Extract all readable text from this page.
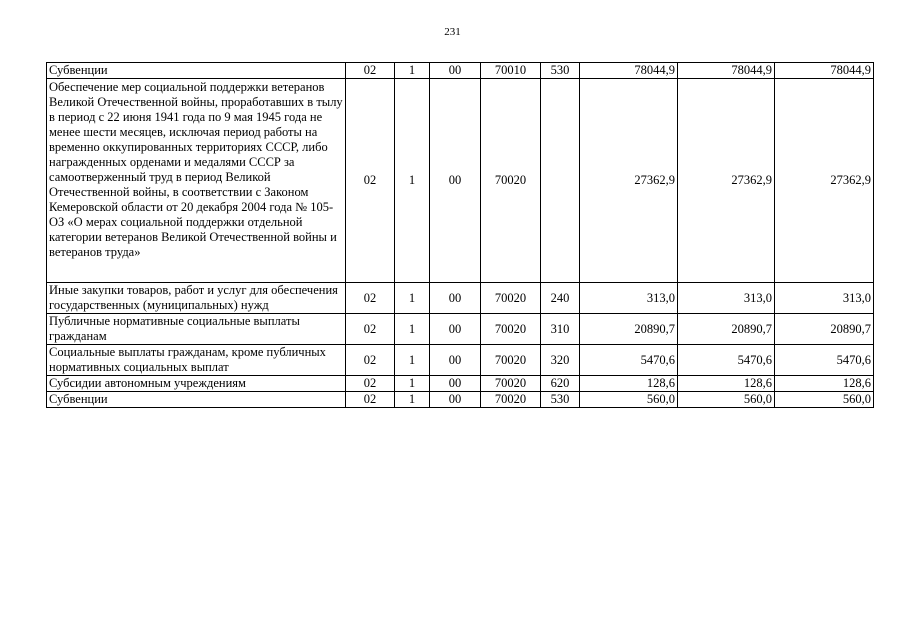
231
Субвенции	02	1	00	70010	530	78044,9	78044,9	78044,9
Обеспечение мер социальной поддержки ветеранов Великой Отечественной войны, проработавших в тылу в период с 22 июня 1941 года по 9 мая 1945 года не менее шести месяцев, исключая период работы на временно оккупированных территориях СССР, либо награжденных орденами и медалями СССР за самоотверженный труд в период Великой Отечественной войны, в соответствии с Законом Кемеровской области от 20 декабря 2004 года № 105-ОЗ «О мерах социальной поддержки отдельной категории ветеранов Великой Отечественной войны и ветеранов труда»	02	1	00	70020		27362,9	27362,9	27362,9
Иные закупки товаров, работ и услуг для обеспечения государственных (муниципальных) нужд	02	1	00	70020	240	313,0	313,0	313,0
Публичные нормативные социальные выплаты гражданам	02	1	00	70020	310	20890,7	20890,7	20890,7
Социальные выплаты гражданам, кроме публичных нормативных социальных выплат	02	1	00	70020	320	5470,6	5470,6	5470,6
Субсидии автономным учреждениям	02	1	00	70020	620	128,6	128,6	128,6
Субвенции	02	1	00	70020	530	560,0	560,0	560,0
